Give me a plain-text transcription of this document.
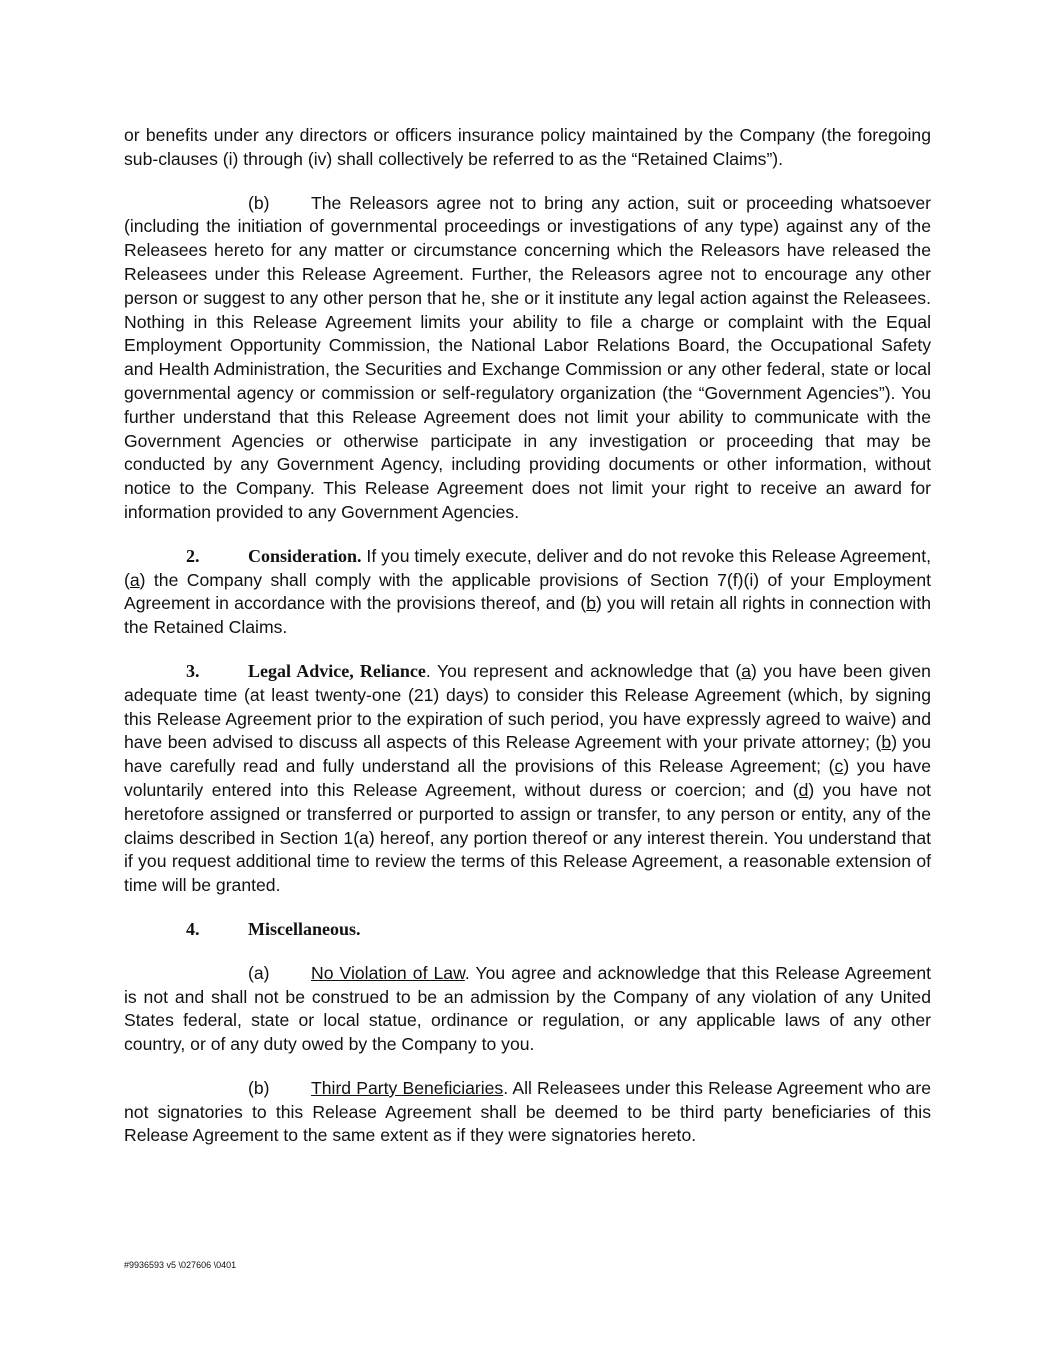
or benefits under any directors or officers insurance policy maintained by the Company (the foregoing sub-clauses (i) through (iv) shall collectively be referred to as the “Retained Claims”).

(b) The Releasors agree not to bring any action, suit or proceeding whatsoever (including the initiation of governmental proceedings or investigations of any type) against any of the Releasees hereto for any matter or circumstance concerning which the Releasors have released the Releasees under this Release Agreement. Further, the Releasors agree not to encourage any other person or suggest to any other person that he, she or it institute any legal action against the Releasees. Nothing in this Release Agreement limits your ability to file a charge or complaint with the Equal Employment Opportunity Commission, the National Labor Relations Board, the Occupational Safety and Health Administration, the Securities and Exchange Commission or any other federal, state or local governmental agency or commission or self-regulatory organization (the “Government Agencies”). You further understand that this Release Agreement does not limit your ability to communicate with the Government Agencies or otherwise participate in any investigation or proceeding that may be conducted by any Government Agency, including providing documents or other information, without notice to the Company. This Release Agreement does not limit your right to receive an award for information provided to any Government Agencies.

2.	Consideration. If you timely execute, deliver and do not revoke this Release Agreement, (a) the Company shall comply with the applicable provisions of Section 7(f)(i) of your Employment Agreement in accordance with the provisions thereof, and (b) you will retain all rights in connection with the Retained Claims.

3.	Legal Advice, Reliance. You represent and acknowledge that (a) you have been given adequate time (at least twenty-one (21) days) to consider this Release Agreement (which, by signing this Release Agreement prior to the expiration of such period, you have expressly agreed to waive) and have been advised to discuss all aspects of this Release Agreement with your private attorney; (b) you have carefully read and fully understand all the provisions of this Release Agreement; (c) you have voluntarily entered into this Release Agreement, without duress or coercion; and (d) you have not heretofore assigned or transferred or purported to assign or transfer, to any person or entity, any of the claims described in Section 1(a) hereof, any portion thereof or any interest therein. You understand that if you request additional time to review the terms of this Release Agreement, a reasonable extension of time will be granted.

4.	Miscellaneous.

(a) No Violation of Law. You agree and acknowledge that this Release Agreement is not and shall not be construed to be an admission by the Company of any violation of any United States federal, state or local statue, ordinance or regulation, or any applicable laws of any other country, or of any duty owed by the Company to you.

(b) Third Party Beneficiaries. All Releasees under this Release Agreement who are not signatories to this Release Agreement shall be deemed to be third party beneficiaries of this Release Agreement to the same extent as if they were signatories hereto.

#9936593 v5 \027606 \0401
